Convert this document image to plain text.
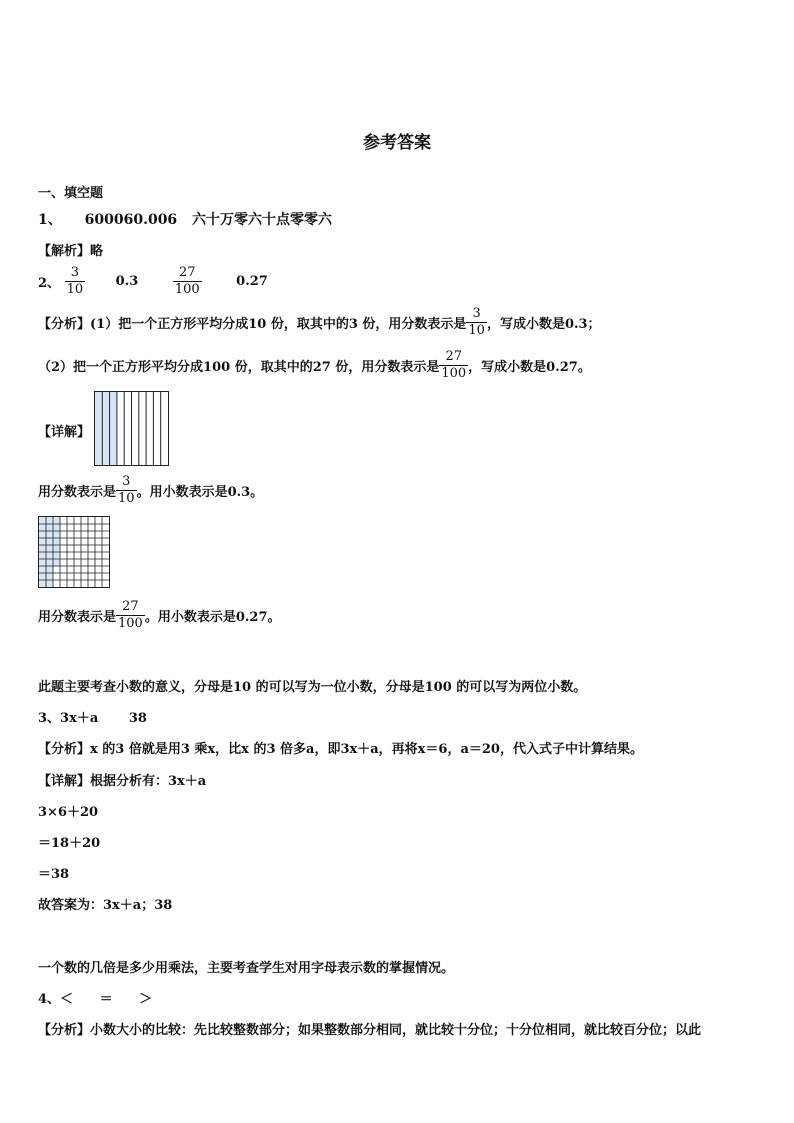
参考答案
一、填空题
1、 600060.006 六十万零六十点零零六
【解析】略
2、 $\frac{3}{10} 0.3$	$\frac{27}{100}$	0.27
【分析】(1）把一个正方形平均分成10 份，取其中的3 份，用分数表示是 $\frac{3}{10}$ ，写成小数是0.3；
（2）把一个正方形平均分成100 份，取其中的27 份，用分数表示是 $\frac{27}{100}$ ，写成小数是0.27。
【详解】
用分数表示是 $\frac{3}{10}$ 。用小数表示是0.3。
用分数表示是 $\frac{27}{100}$ 。用小数表示是0.27。
此题主要考查小数的意义，分母是10 的可以写为一位小数，分母是100 的可以写为两位小数。
3、3x＋a 38
【分析】x 的3 倍就是用3 乘x，比x 的3 倍多a，即3x＋a，再将x＝6，a＝20，代入式子中计算结果。
【详解】根据分析有：3x＋a
3×6＋20
＝18＋20
＝38
故答案为：3x＋a；38
一个数的几倍是多少用乘法，主要考查学生对用字母表示数的掌握情况。
4、＜ ＝ ＞
【分析】小数大小的比较：先比较整数部分；如果整数部分相同，就比较十分位；十分位相同，就比较百分位；以此
